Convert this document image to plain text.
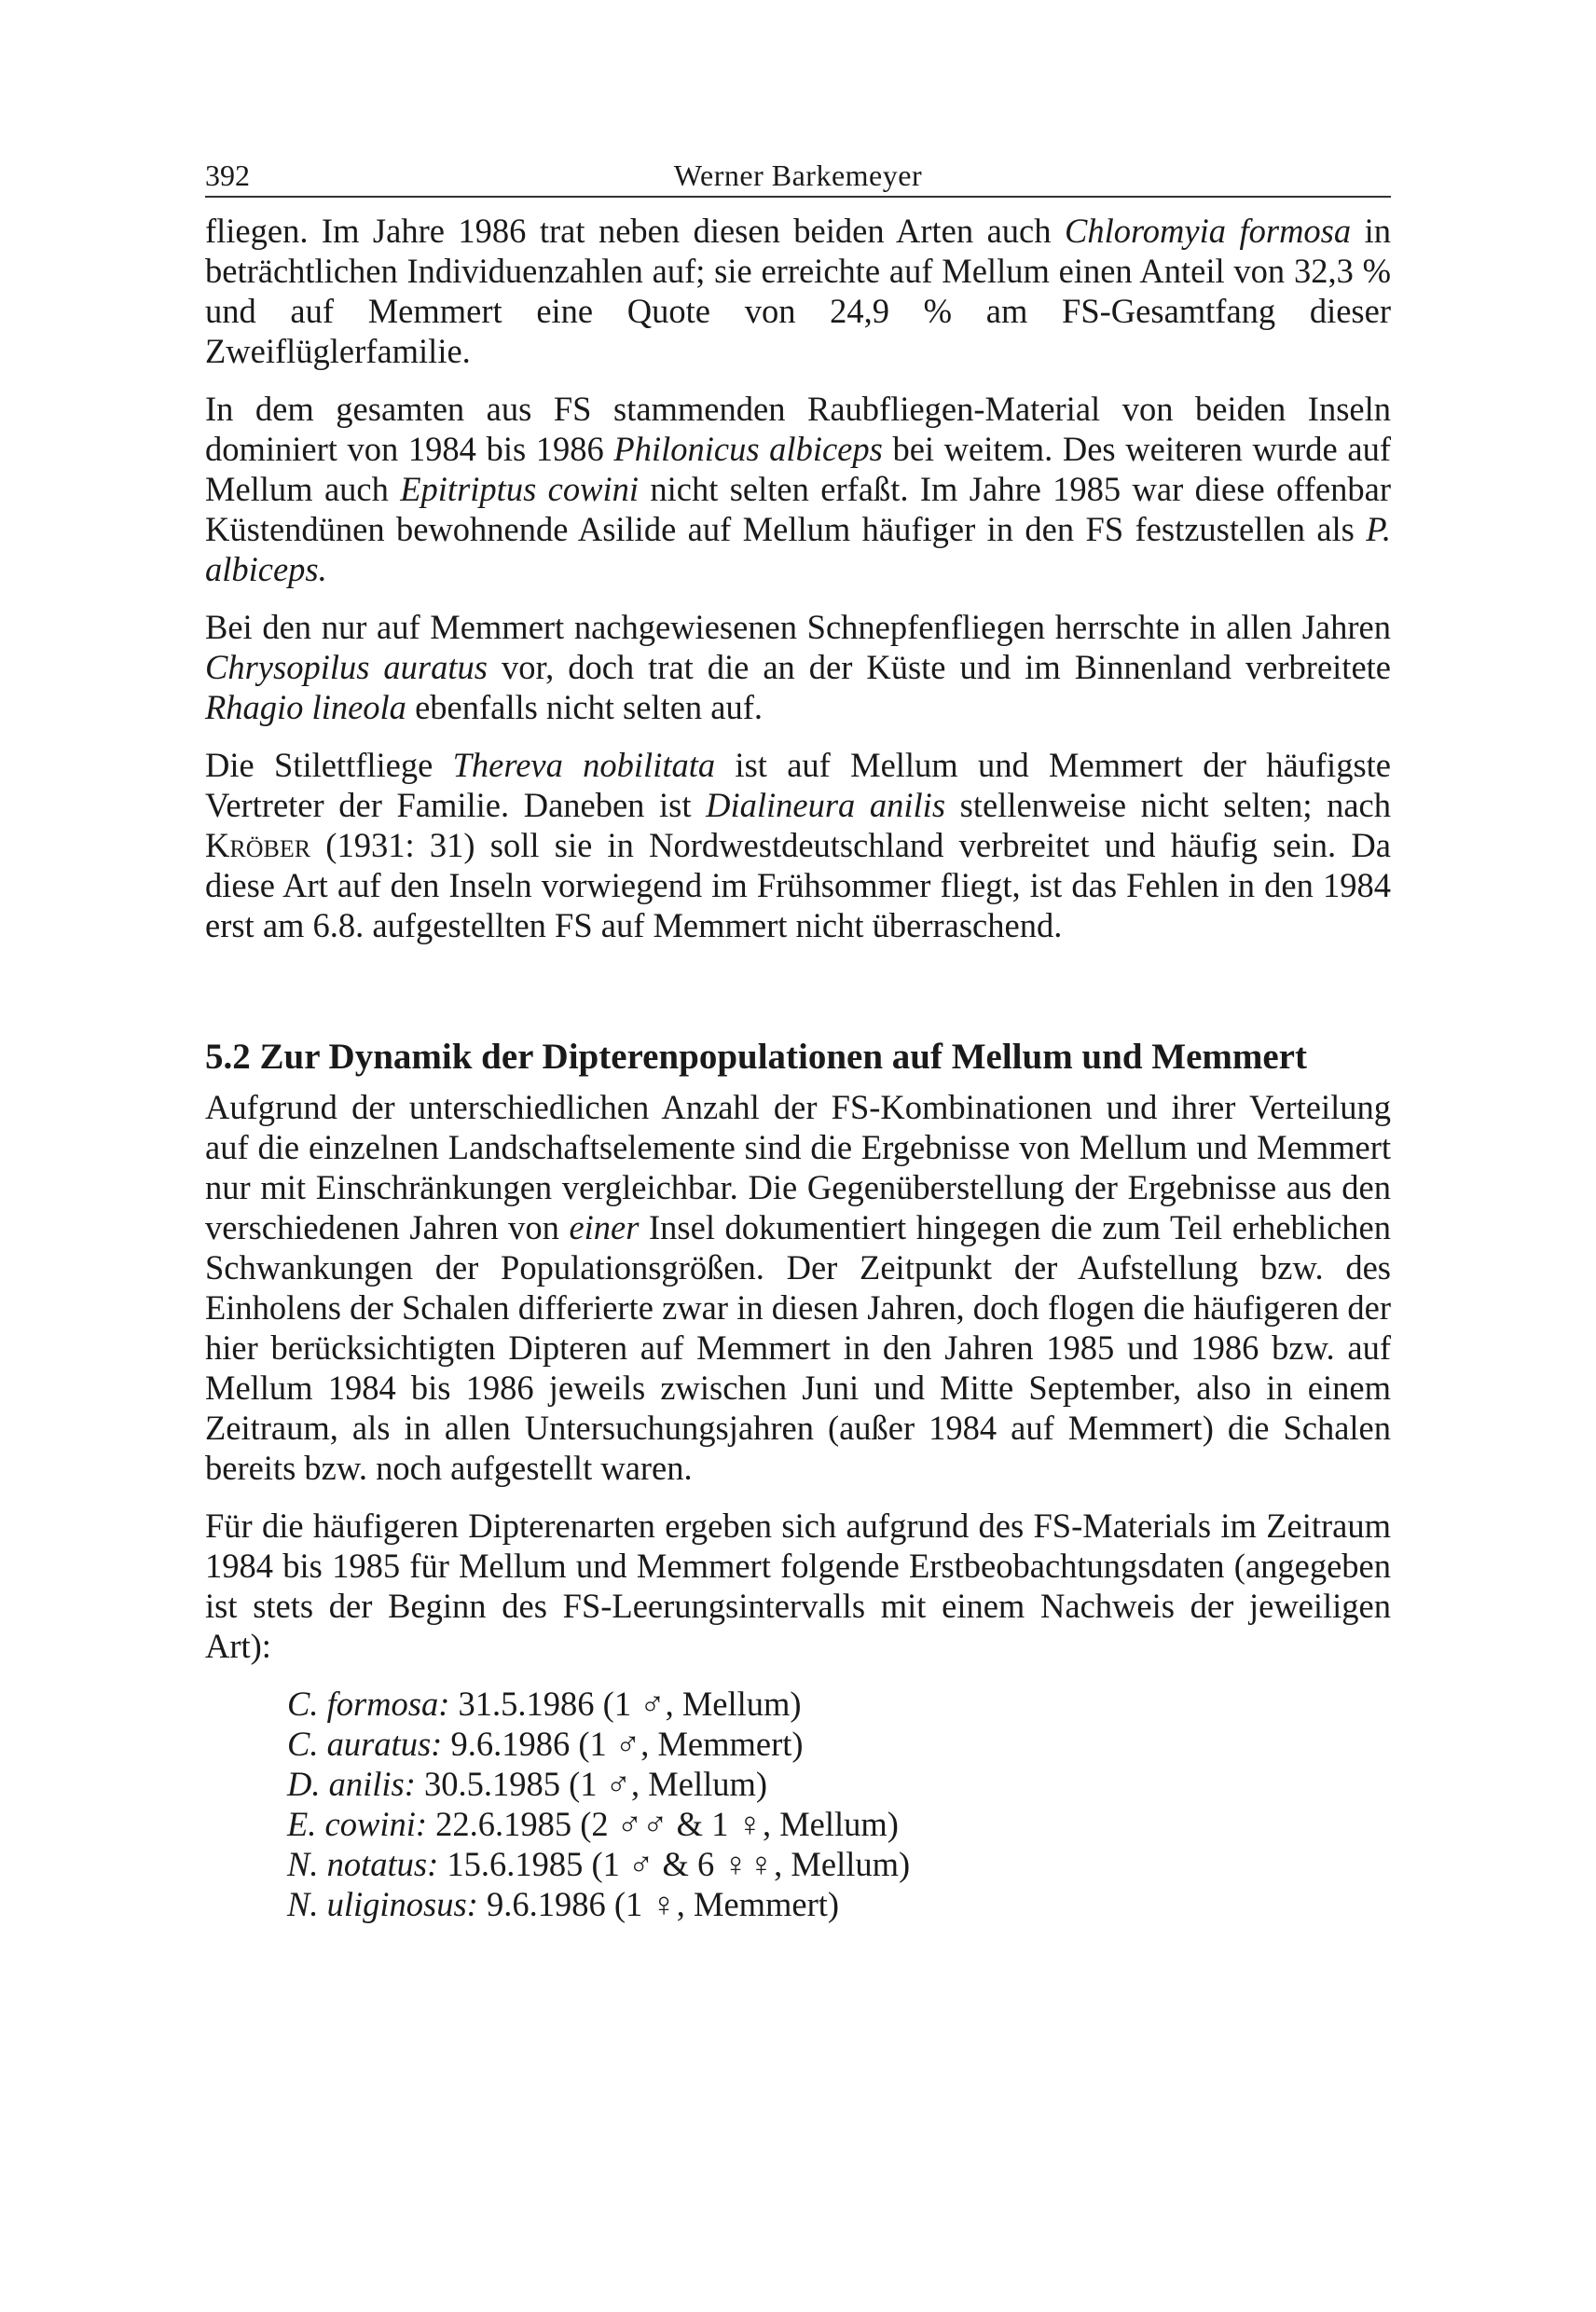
392	Werner Barkemeyer

fliegen. Im Jahre 1986 trat neben diesen beiden Arten auch Chloromyia formosa in beträchtlichen Individuenzahlen auf; sie erreichte auf Mellum einen Anteil von 32,3 % und auf Memmert eine Quote von 24,9 % am FS-Gesamtfang dieser Zweiflüglerfamilie.

In dem gesamten aus FS stammenden Raubfliegen-Material von beiden Inseln dominiert von 1984 bis 1986 Philonicus albiceps bei weitem. Des weiteren wurde auf Mellum auch Epitriptus cowini nicht selten erfaßt. Im Jahre 1985 war diese offenbar Küstendünen bewohnende Asilide auf Mellum häufiger in den FS festzustellen als P. albiceps.

Bei den nur auf Memmert nachgewiesenen Schnepfenfliegen herrschte in allen Jahren Chrysopilus auratus vor, doch trat die an der Küste und im Binnenland verbreitete Rhagio lineola ebenfalls nicht selten auf.

Die Stilettfliege Thereva nobilitata ist auf Mellum und Memmert der häufigste Vertreter der Familie. Daneben ist Dialineura anilis stellenweise nicht selten; nach Kröber (1931: 31) soll sie in Nordwestdeutschland verbreitet und häufig sein. Da diese Art auf den Inseln vorwiegend im Frühsommer fliegt, ist das Fehlen in den 1984 erst am 6.8. aufgestellten FS auf Memmert nicht überraschend.

5.2 Zur Dynamik der Dipterenpopulationen auf Mellum und Memmert

Aufgrund der unterschiedlichen Anzahl der FS-Kombinationen und ihrer Verteilung auf die einzelnen Landschaftselemente sind die Ergebnisse von Mellum und Memmert nur mit Einschränkungen vergleichbar. Die Gegenüberstellung der Ergebnisse aus den verschiedenen Jahren von einer Insel dokumentiert hingegen die zum Teil erheblichen Schwankungen der Populationsgrößen. Der Zeitpunkt der Aufstellung bzw. des Einholens der Schalen differierte zwar in diesen Jahren, doch flogen die häufigeren der hier berücksichtigten Dipteren auf Memmert in den Jahren 1985 und 1986 bzw. auf Mellum 1984 bis 1986 jeweils zwischen Juni und Mitte September, also in einem Zeitraum, als in allen Untersuchungsjahren (außer 1984 auf Memmert) die Schalen bereits bzw. noch aufgestellt waren.

Für die häufigeren Dipterenarten ergeben sich aufgrund des FS-Materials im Zeitraum 1984 bis 1985 für Mellum und Memmert folgende Erstbeobachtungsdaten (angegeben ist stets der Beginn des FS-Leerungsintervalls mit einem Nachweis der jeweiligen Art):

C. formosa: 31.5.1986 (1 ♂, Mellum)
C. auratus: 9.6.1986 (1 ♂, Memmert)
D. anilis: 30.5.1985 (1 ♂, Mellum)
E. cowini: 22.6.1985 (2 ♂♂ & 1 ♀, Mellum)
N. notatus: 15.6.1985 (1 ♂ & 6 ♀♀, Mellum)
N. uliginosus: 9.6.1986 (1 ♀, Memmert)
